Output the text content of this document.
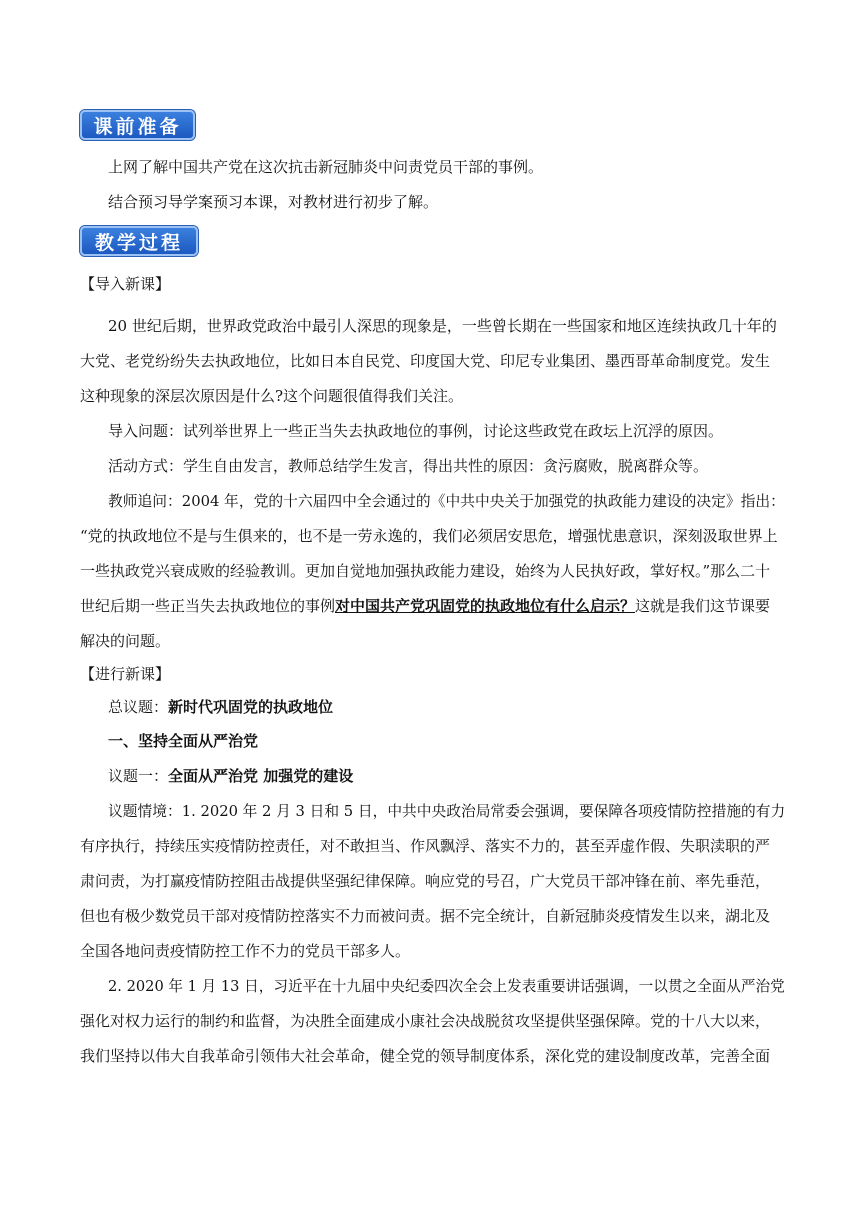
课前准备
上网了解中国共产党在这次抗击新冠肺炎中问责党员干部的事例。
结合预习导学案预习本课，对教材进行初步了解。
教学过程
【导入新课】
20 世纪后期，世界政党政治中最引人深思的现象是，一些曾长期在一些国家和地区连续执政几十年的
大党、老党纷纷失去执政地位，比如日本自民党、印度国大党、印尼专业集团、墨西哥革命制度党。发生
这种现象的深层次原因是什么?这个问题很值得我们关注。
导入问题：试列举世界上一些正当失去执政地位的事例，讨论这些政党在政坛上沉浮的原因。
活动方式：学生自由发言，教师总结学生发言，得出共性的原因：贪污腐败，脱离群众等。
教师追问：2004 年，党的十六届四中全会通过的《中共中央关于加强党的执政能力建设的决定》指出：
“党的执政地位不是与生俱来的，也不是一劳永逸的，我们必须居安思危，增强忧患意识，深刻汲取世界上
一些执政党兴衰成败的经验教训。更加自觉地加强执政能力建设，始终为人民执好政，掌好权。”那么二十
世纪后期一些正当失去执政地位的事例对中国共产党巩固党的执政地位有什么启示？这就是我们这节课要
解决的问题。
【进行新课】
总议题：新时代巩固党的执政地位
一、坚持全面从严治党
议题一：全面从严治党 加强党的建设
议题情境：1. 2020 年 2 月 3 日和 5 日，中共中央政治局常委会强调，要保障各项疫情防控措施的有力
有序执行，持续压实疫情防控责任，对不敢担当、作风飘浮、落实不力的，甚至弄虚作假、失职渎职的严
肃问责，为打赢疫情防控阻击战提供坚强纪律保障。响应党的号召，广大党员干部冲锋在前、率先垂范，
但也有极少数党员干部对疫情防控落实不力而被问责。据不完全统计，自新冠肺炎疫情发生以来，湖北及
全国各地问责疫情防控工作不力的党员干部多人。
2. 2020 年 1 月 13 日，习近平在十九届中央纪委四次全会上发表重要讲话强调，一以贯之全面从严治党
强化对权力运行的制约和监督，为决胜全面建成小康社会决战脱贫攻坚提供坚强保障。党的十八大以来，
我们坚持以伟大自我革命引领伟大社会革命，健全党的领导制度体系，深化党的建设制度改革，完善全面
